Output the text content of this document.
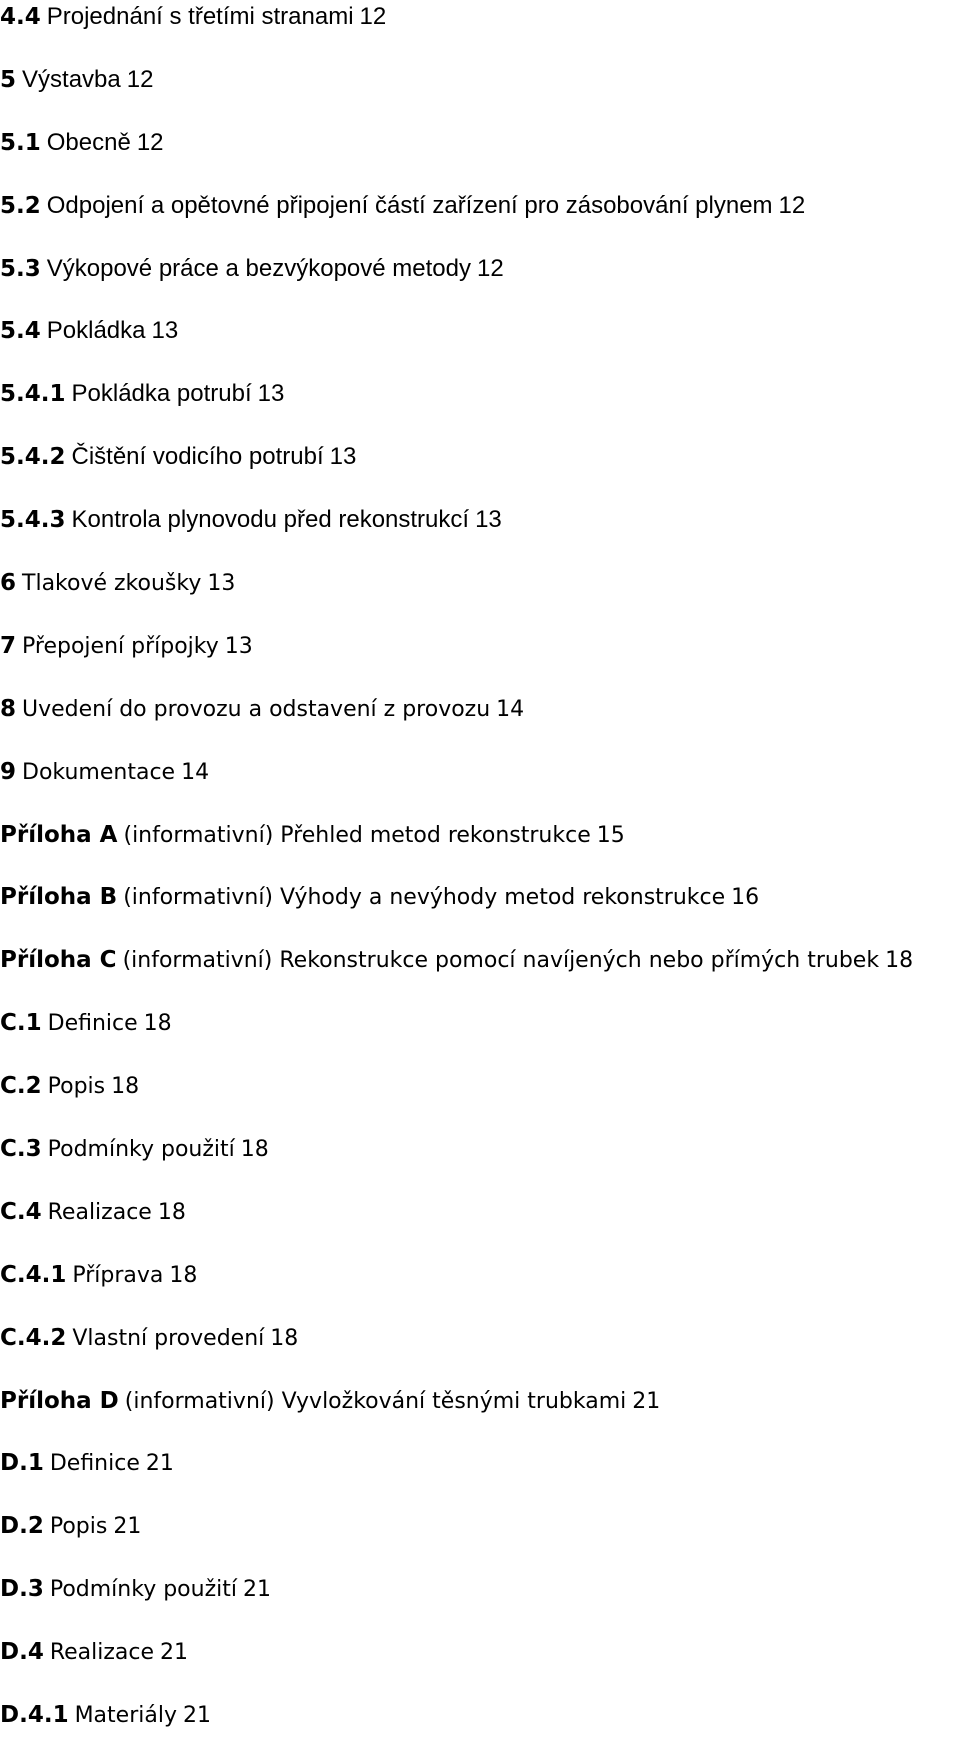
4.4 Projednání s třetími stranami 12
5 Výstavba 12
5.1 Obecně 12
5.2 Odpojení a opětovné připojení částí zařízení pro zásobování plynem 12
5.3 Výkopové práce a bezvýkopové metody 12
5.4 Pokládka 13
5.4.1 Pokládka potrubí 13
5.4.2 Čištění vodicího potrubí 13
5.4.3 Kontrola plynovodu před rekonstrukcí 13
6 Tlakové zkoušky 13
7 Přepojení přípojky 13
8 Uvedení do provozu a odstavení z provozu 14
9 Dokumentace 14
Příloha A (informativní) Přehled metod rekonstrukce 15
Příloha B (informativní) Výhody a nevýhody metod rekonstrukce 16
Příloha C (informativní) Rekonstrukce pomocí navíjených nebo přímých trubek 18
C.1 Definice 18
C.2 Popis 18
C.3 Podmínky použití 18
C.4 Realizace 18
C.4.1 Příprava 18
C.4.2 Vlastní provedení 18
Příloha D (informativní) Vyvložkování těsnými trubkami 21
D.1 Definice 21
D.2 Popis 21
D.3 Podmínky použití 21
D.4 Realizace 21
D.4.1 Materiály 21
